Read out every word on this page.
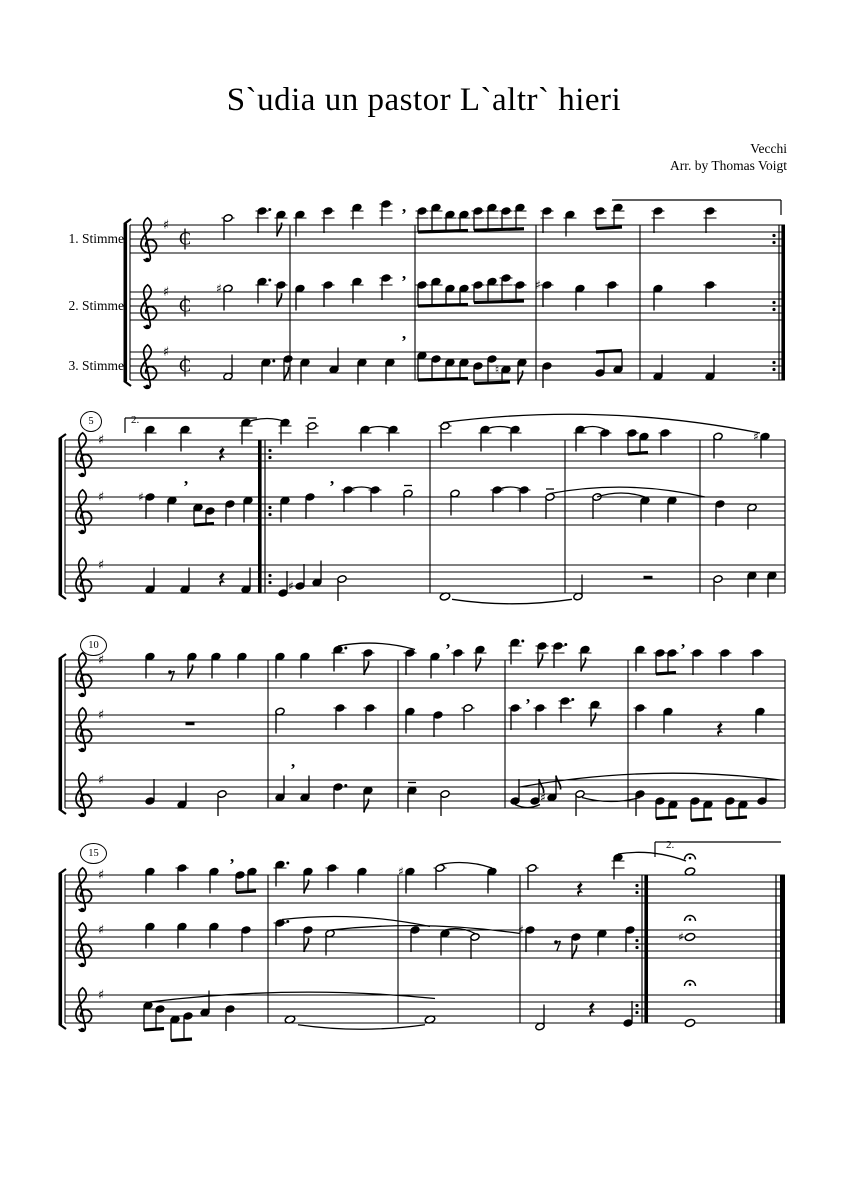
S`udia un pastor L`altr` hieri
Vecchi
Arr. by Thomas Voigt
1. Stimme
2. Stimme
3. Stimme
5
10
15
2.
2.
♯
C
♯
C
♯
C
’
♯	♯
’
♮
’
♯
♯
♯
♯
♯
’	’
♯
♯
♯
♯
’	’
’
♯
’
♯
♯
♯
♯
’
♯	♯
